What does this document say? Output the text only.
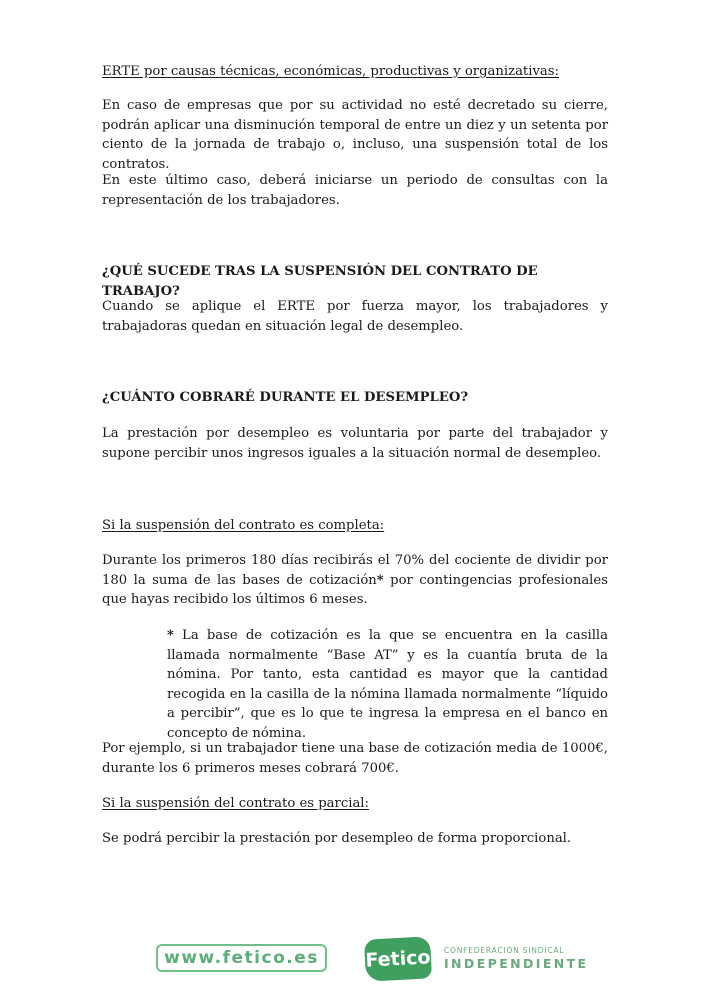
ERTE por causas técnicas, económicas, productivas y organizativas:
En caso de empresas que por su actividad no esté decretado su cierre, podrán aplicar una disminución temporal de entre un diez y un setenta por ciento de la jornada de trabajo o, incluso, una suspensión total de los contratos.
En este último caso, deberá iniciarse un periodo de consultas con la representación de los trabajadores.
¿QUÉ SUCEDE TRAS LA SUSPENSIÓN DEL CONTRATO DE TRABAJO?
Cuando se aplique el ERTE por fuerza mayor, los trabajadores y trabajadoras quedan en situación legal de desempleo.
¿CUÁNTO COBRARÉ DURANTE EL DESEMPLEO?
La prestación por desempleo es voluntaria por parte del trabajador y supone percibir unos ingresos iguales a la situación normal de desempleo.
Si la suspensión del contrato es completa:
Durante los primeros 180 días recibirás el 70% del cociente de dividir por 180 la suma de las bases de cotización* por contingencias profesionales que hayas recibido los últimos 6 meses.
* La base de cotización es la que se encuentra en la casilla llamada normalmente “Base AT” y es la cuantía bruta de la nómina. Por tanto, esta cantidad es mayor que la cantidad recogida en la casilla de la nómina llamada normalmente “líquido a percibir”, que es lo que te ingresa la empresa en el banco en concepto de nómina.
Por ejemplo, si un trabajador tiene una base de cotización media de 1000€, durante los 6 primeros meses cobrará 700€.
Si la suspensión del contrato es parcial:
Se podrá percibir la prestación por desempleo de forma proporcional.
www.fetico.es	Fetico CONFEDERACIÓN SINDICAL
INDEPENDIENTE
